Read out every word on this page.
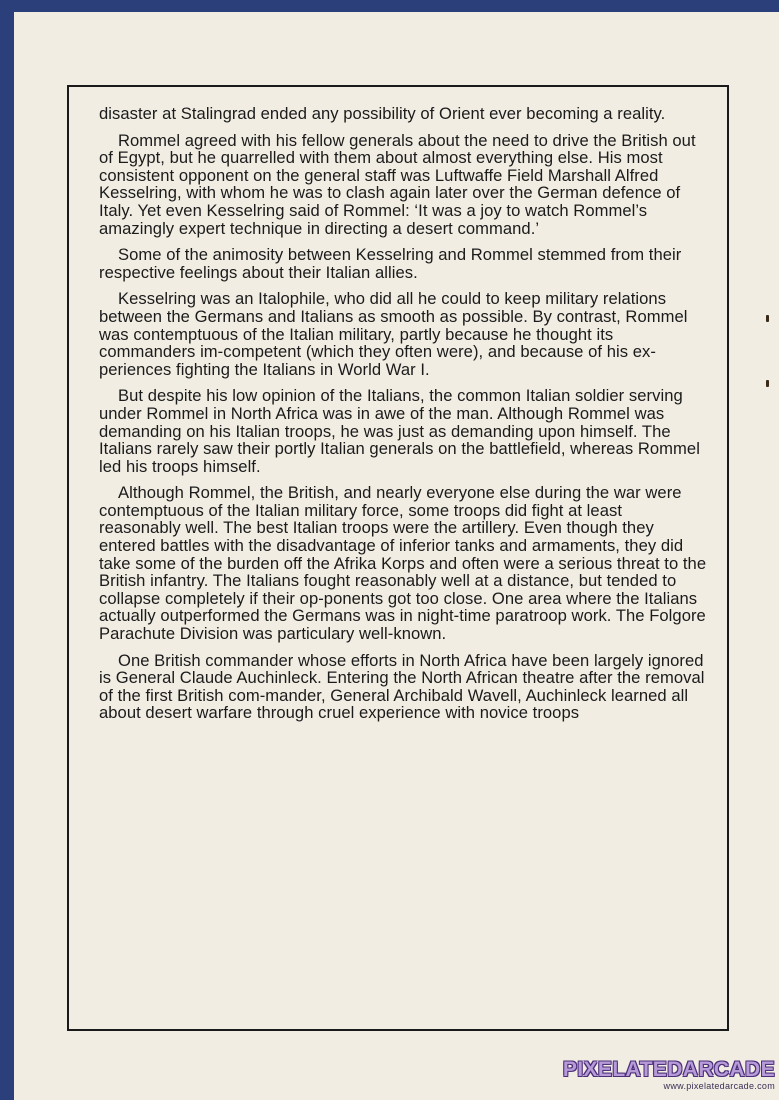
disaster at Stalingrad ended any possibility of Orient ever becoming a reality.

Rommel agreed with his fellow generals about the need to drive the British out of Egypt, but he quarrelled with them about almost everything else. His most consistent opponent on the general staff was Luftwaffe Field Marshall Alfred Kesselring, with whom he was to clash again later over the German defence of Italy. Yet even Kesselring said of Rommel: ‘It was a joy to watch Rommel’s amazingly expert technique in directing a desert command.’

Some of the animosity between Kesselring and Rommel stemmed from their respective feelings about their Italian allies.

Kesselring was an Italophile, who did all he could to keep military relations between the Germans and Italians as smooth as possible. By contrast, Rommel was contemptuous of the Italian military, partly because he thought its commanders im-competent (which they often were), and because of his ex-periences fighting the Italians in World War I.

But despite his low opinion of the Italians, the common Italian soldier serving under Rommel in North Africa was in awe of the man. Although Rommel was demanding on his Italian troops, he was just as demanding upon himself. The Italians rarely saw their portly Italian generals on the battlefield, whereas Rommel led his troops himself.

Although Rommel, the British, and nearly everyone else during the war were contemptuous of the Italian military force, some troops did fight at least reasonably well. The best Italian troops were the artillery. Even though they entered battles with the disadvantage of inferior tanks and armaments, they did take some of the burden off the Afrika Korps and often were a serious threat to the British infantry. The Italians fought reasonably well at a distance, but tended to collapse completely if their op-ponents got too close. One area where the Italians actually outperformed the Germans was in night-time paratroop work. The Folgore Parachute Division was particulary well-known.

One British commander whose efforts in North Africa have been largely ignored is General Claude Auchinleck. Entering the North African theatre after the removal of the first British com-mander, General Archibald Wavell, Auchinleck learned all about desert warfare through cruel experience with novice troops

PIXELATEDARCADE
www.pixelatedarcade.com
